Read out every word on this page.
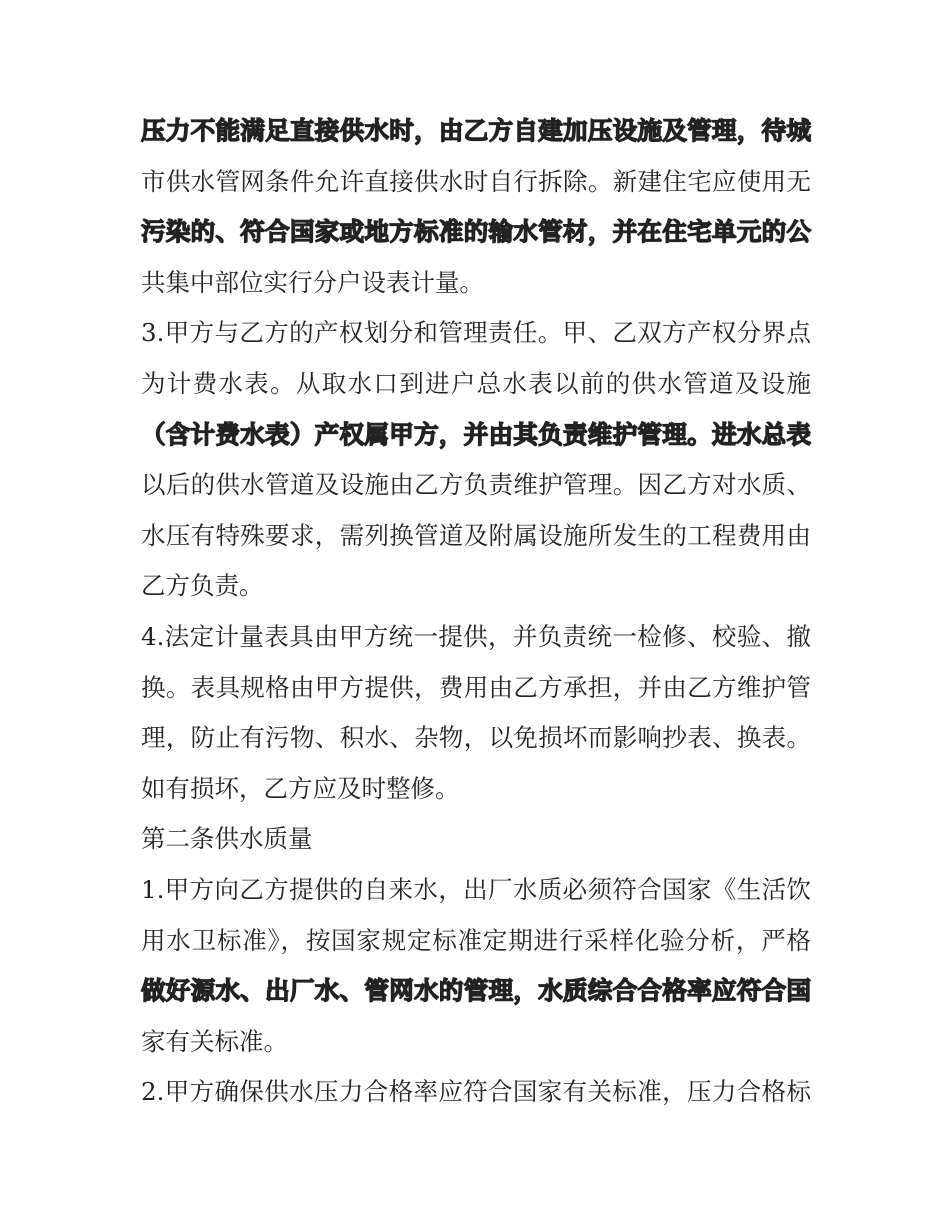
压力不能满足直接供水时，由乙方自建加压设施及管理，待城
市供水管网条件允许直接供水时自行拆除。新建住宅应使用无
污染的、符合国家或地方标准的输水管材，并在住宅单元的公
共集中部位实行分户设表计量。
3.甲方与乙方的产权划分和管理责任。甲、乙双方产权分界点
为计费水表。从取水口到进户总水表以前的供水管道及设施
（含计费水表）产权属甲方，并由其负责维护管理。进水总表
以后的供水管道及设施由乙方负责维护管理。因乙方对水质、
水压有特殊要求，需列换管道及附属设施所发生的工程费用由
乙方负责。
4.法定计量表具由甲方统一提供，并负责统一检修、校验、撤
换。表具规格由甲方提供，费用由乙方承担，并由乙方维护管
理，防止有污物、积水、杂物，以免损坏而影响抄表、换表。
如有损坏，乙方应及时整修。
第二条供水质量
1.甲方向乙方提供的自来水，出厂水质必须符合国家《生活饮
用水卫标准》，按国家规定标准定期进行采样化验分析，严格
做好源水、出厂水、管网水的管理，水质综合合格率应符合国
家有关标准。
2.甲方确保供水压力合格率应符合国家有关标准，压力合格标
